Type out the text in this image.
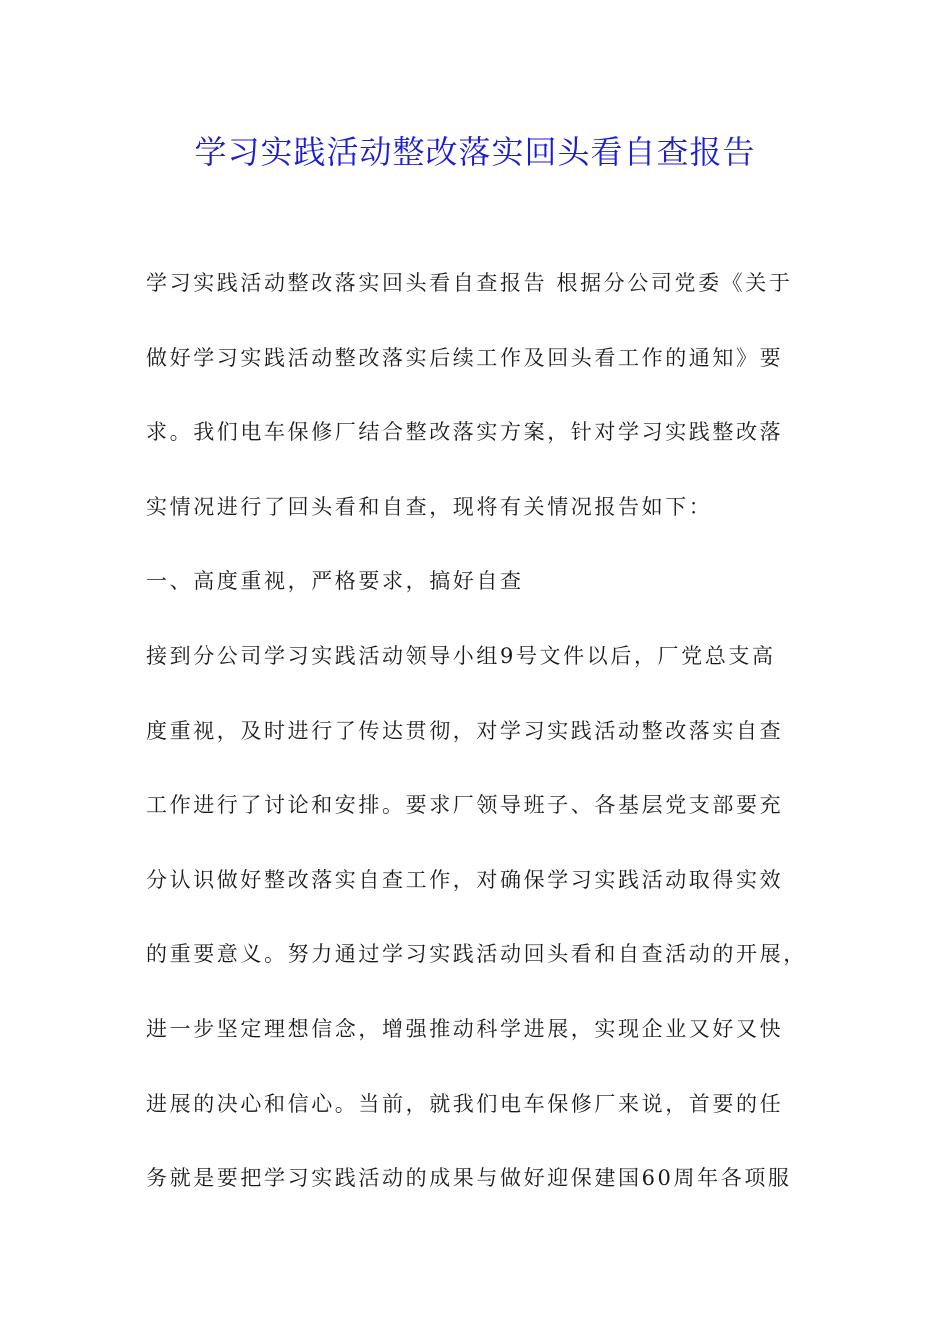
学习实践活动整改落实回头看自查报告
学习实践活动整改落实回头看自查报告 根据分公司党委《关于
做好学习实践活动整改落实后续工作及回头看工作的通知》要
求。我们电车保修厂结合整改落实方案，针对学习实践整改落
实情况进行了回头看和自查，现将有关情况报告如下：
一、高度重视，严格要求，搞好自查
接到分公司学习实践活动领导小组9号文件以后，厂党总支高
度重视，及时进行了传达贯彻，对学习实践活动整改落实自查
工作进行了讨论和安排。要求厂领导班子、各基层党支部要充
分认识做好整改落实自查工作，对确保学习实践活动取得实效
的重要意义。努力通过学习实践活动回头看和自查活动的开展，
进一步坚定理想信念，增强推动科学进展，实现企业又好又快
进展的决心和信心。当前，就我们电车保修厂来说，首要的任
务就是要把学习实践活动的成果与做好迎保建国60周年各项服
